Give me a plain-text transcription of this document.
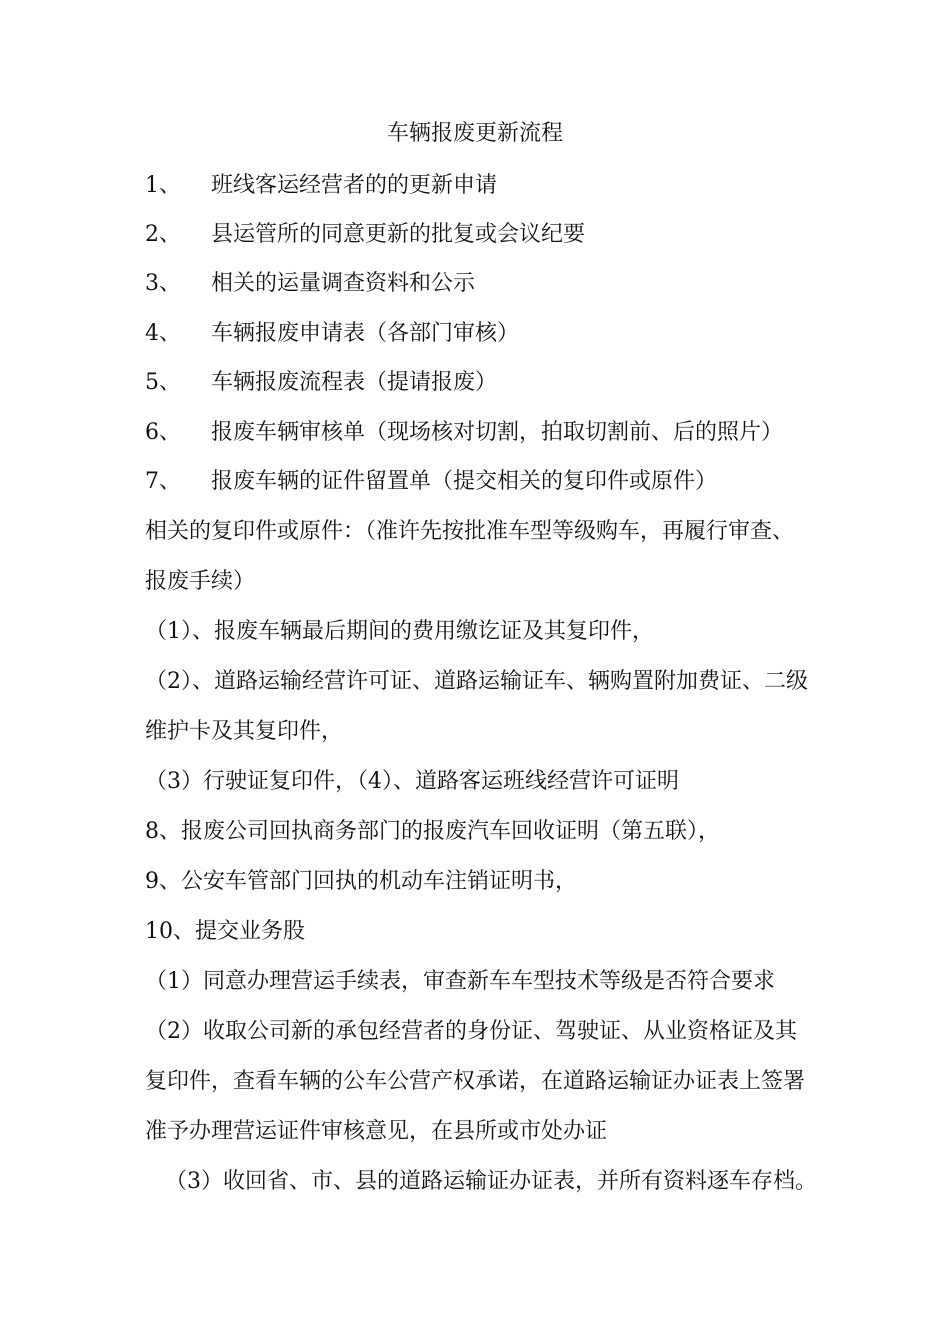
车辆报废更新流程
1、 班线客运经营者的的更新申请
2、 县运管所的同意更新的批复或会议纪要
3、 相关的运量调查资料和公示
4、 车辆报废申请表（各部门审核）
5、 车辆报废流程表（提请报废）
6、 报废车辆审核单（现场核对切割，拍取切割前、后的照片）
7、 报废车辆的证件留置单（提交相关的复印件或原件）
相关的复印件或原件：（准许先按批准车型等级购车，再履行审查、
报废手续）
（1）、报废车辆最后期间的费用缴讫证及其复印件，
（2）、道路运输经营许可证、道路运输证车、辆购置附加费证、二级
维护卡及其复印件，
（3）行驶证复印件，（4）、道路客运班线经营许可证明
8、报废公司回执商务部门的报废汽车回收证明（第五联），
9、公安车管部门回执的机动车注销证明书，
10、提交业务股
（1）同意办理营运手续表，审查新车车型技术等级是否符合要求
（2）收取公司新的承包经营者的身份证、驾驶证、从业资格证及其
复印件，查看车辆的公车公营产权承诺，在道路运输证办证表上签署
准予办理营运证件审核意见，在县所或市处办证
（3）收回省、市、县的道路运输证办证表，并所有资料逐车存档。
